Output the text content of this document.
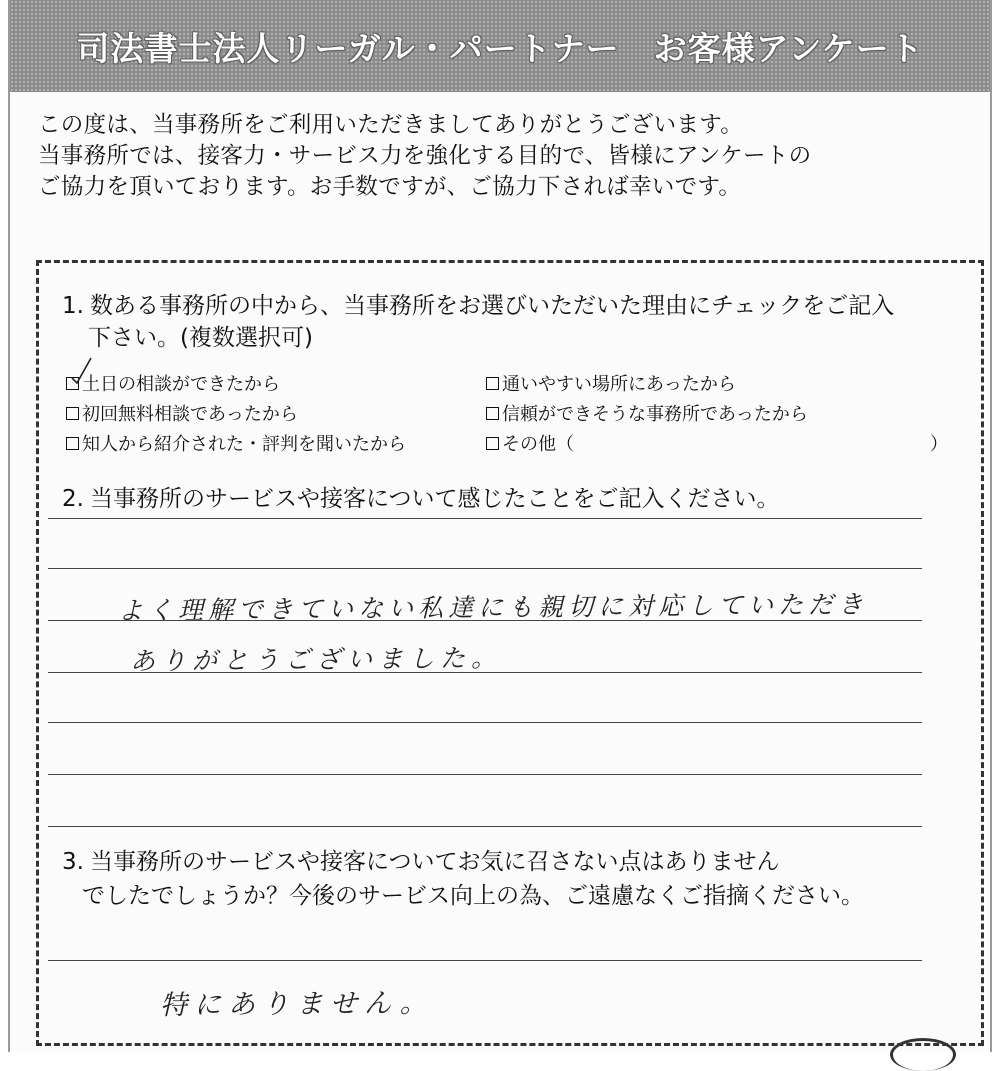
司法書士法人リーガル・パートナー　お客様アンケート
この度は、当事務所をご利用いただきましてありがとうございます。
当事務所では、接客力・サービス力を強化する目的で、皆様にアンケートの
ご協力を頂いております。お手数ですが、ご協力下されば幸いです。
1. 数ある事務所の中から、当事務所をお選びいただいた理由にチェックをご記入
下さい。(複数選択可)
土日の相談ができたから	通いやすい場所にあったから
初回無料相談であったから	信頼ができそうな事務所であったから
知人から紹介された・評判を聞いたから	その他（	）
2. 当事務所のサービスや接客について感じたことをご記入ください。
よく理解できていない私達にも親切に対応していただき
ありがとうございました。
3. 当事務所のサービスや接客についてお気に召さない点はありません
でしたでしょうか？今後のサービス向上の為、ご遠慮なくご指摘ください。
特にありません。
